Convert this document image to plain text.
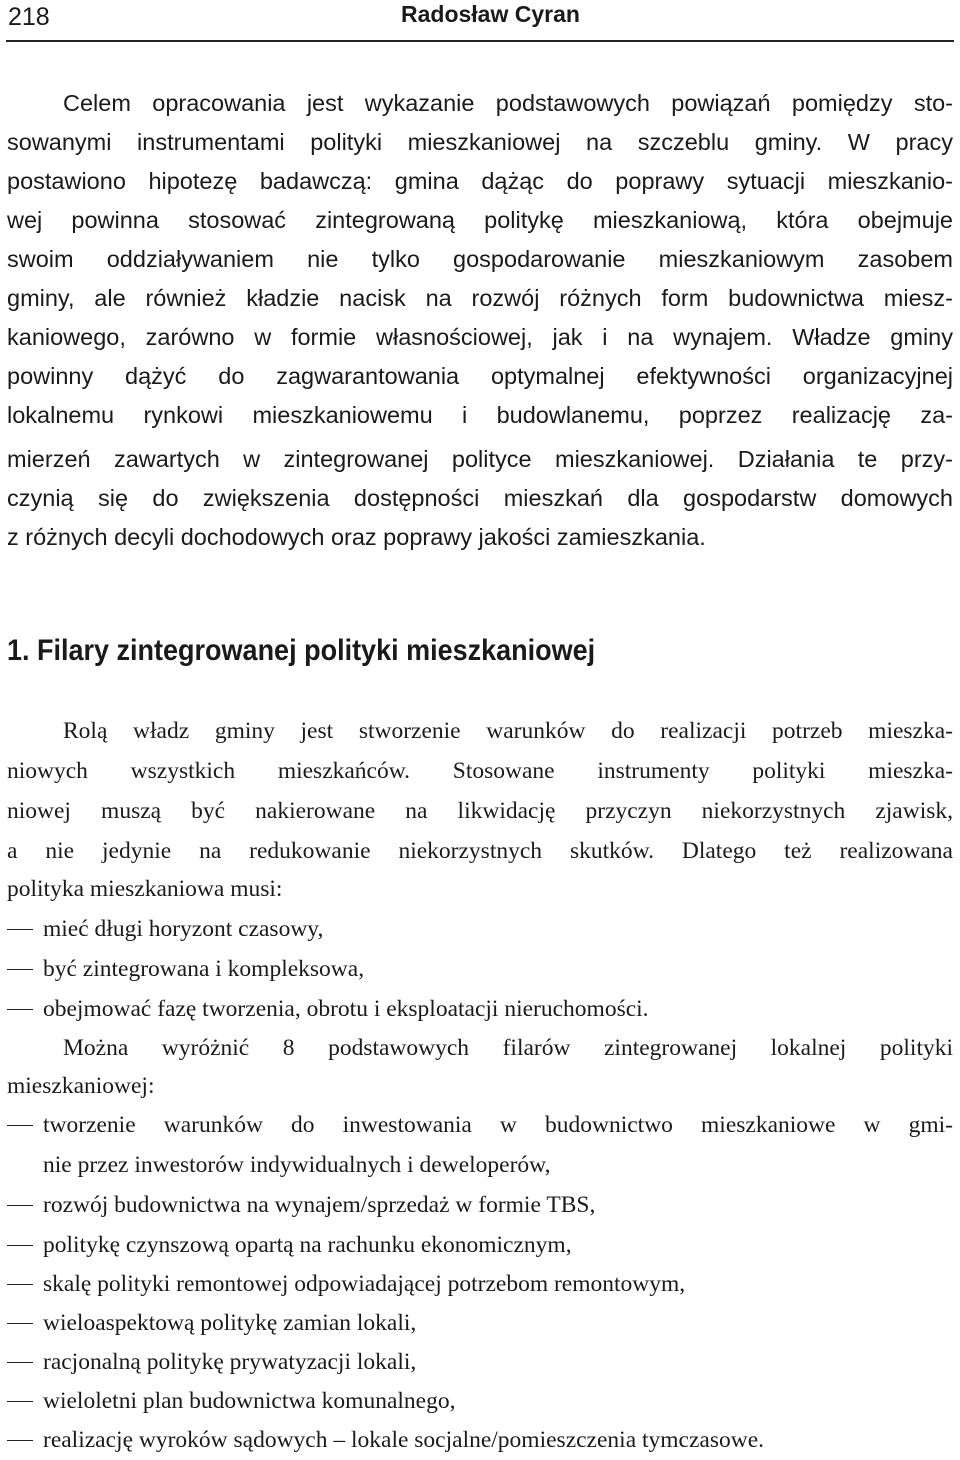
218	Radosław Cyran
Celem opracowania jest wykazanie podstawowych powiązań pomiędzy sto-
sowanymi instrumentami polityki mieszkaniowej na szczeblu gminy. W pracy
postawiono hipotezę badawczą: gmina dążąc do poprawy sytuacji mieszkanio-
wej powinna stosować zintegrowaną politykę mieszkaniową, która obejmuje
swoim oddziaływaniem nie tylko gospodarowanie mieszkaniowym zasobem
gminy, ale również kładzie nacisk na rozwój różnych form budownictwa miesz-
kaniowego, zarówno w formie własnościowej, jak i na wynajem. Władze gminy
powinny dążyć do zagwarantowania optymalnej efektywności organizacyjnej
lokalnemu rynkowi mieszkaniowemu i budowlanemu, poprzez realizację za-
mierzeń zawartych w zintegrowanej polityce mieszkaniowej. Działania te przy-
czynią się do zwiększenia dostępności mieszkań dla gospodarstw domowych
z różnych decyli dochodowych oraz poprawy jakości zamieszkania.
1. Filary zintegrowanej polityki mieszkaniowej
Rolą władz gminy jest stworzenie warunków do realizacji potrzeb mieszka-
niowych wszystkich mieszkańców. Stosowane instrumenty polityki mieszka-
niowej muszą być nakierowane na likwidację przyczyn niekorzystnych zjawisk,
a nie jedynie na redukowanie niekorzystnych skutków. Dlatego też realizowana
polityka mieszkaniowa musi:
mieć długi horyzont czasowy,
być zintegrowana i kompleksowa,
obejmować fazę tworzenia, obrotu i eksploatacji nieruchomości.
Można wyróżnić 8 podstawowych filarów zintegrowanej lokalnej polityki
mieszkaniowej:
tworzenie warunków do inwestowania w budownictwo mieszkaniowe w gmi-
nie przez inwestorów indywidualnych i deweloperów,
rozwój budownictwa na wynajem/sprzedaż w formie TBS,
politykę czynszową opartą na rachunku ekonomicznym,
skalę polityki remontowej odpowiadającej potrzebom remontowym,
wieloaspektową politykę zamian lokali,
racjonalną politykę prywatyzacji lokali,
wieloletni plan budownictwa komunalnego,
realizację wyroków sądowych – lokale socjalne/pomieszczenia tymczasowe.
